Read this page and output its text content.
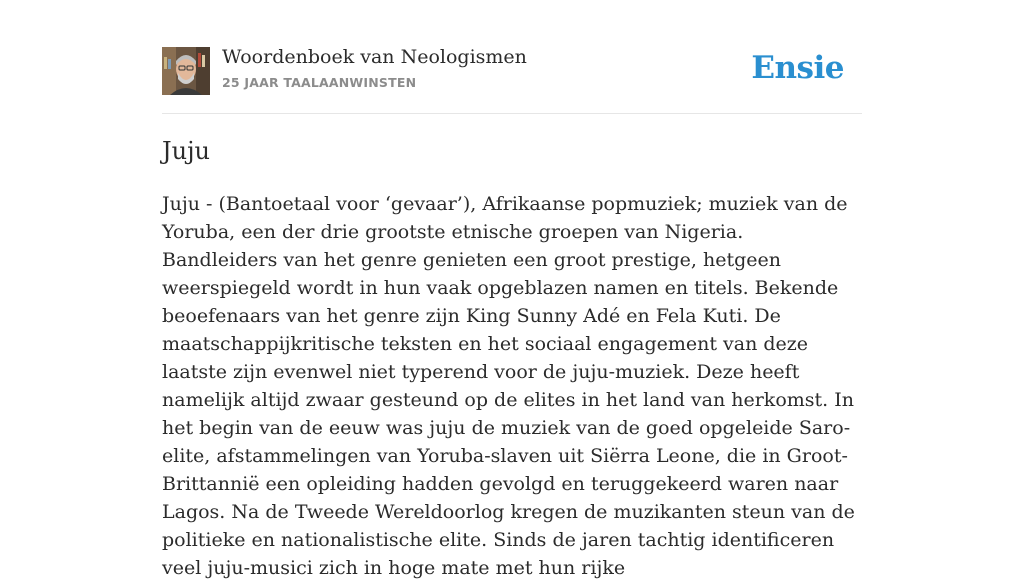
Woordenboek van Neologismen
25 JAAR TAALAANWINSTEN	Ensie
Juju

Juju - (Bantoetaal voor ‘gevaar’), Afrikaanse popmuziek; muziek van de Yoruba, een der drie grootste etnische groepen van Nigeria. Bandleiders van het genre genieten een groot prestige, hetgeen weerspiegeld wordt in hun vaak opgeblazen namen en titels. Bekende beoefenaars van het genre zijn King Sunny Adé en Fela Kuti. De maatschappijkritische teksten en het sociaal engagement van deze laatste zijn evenwel niet typerend voor de juju-muziek. Deze heeft namelijk altijd zwaar gesteund op de elites in het land van herkomst. In het begin van de eeuw was juju de muziek van de goed opgeleide Saro-elite, afstammelingen van Yoruba-slaven uit Siërra Leone, die in Groot-Brittannië een opleiding hadden gevolgd en teruggekeerd waren naar Lagos. Na de Tweede Wereldoorlog kregen de muzikanten steun van de politieke en nationalistische elite. Sinds de jaren tachtig identificeren veel juju-musici zich in hoge mate met hun rijke
